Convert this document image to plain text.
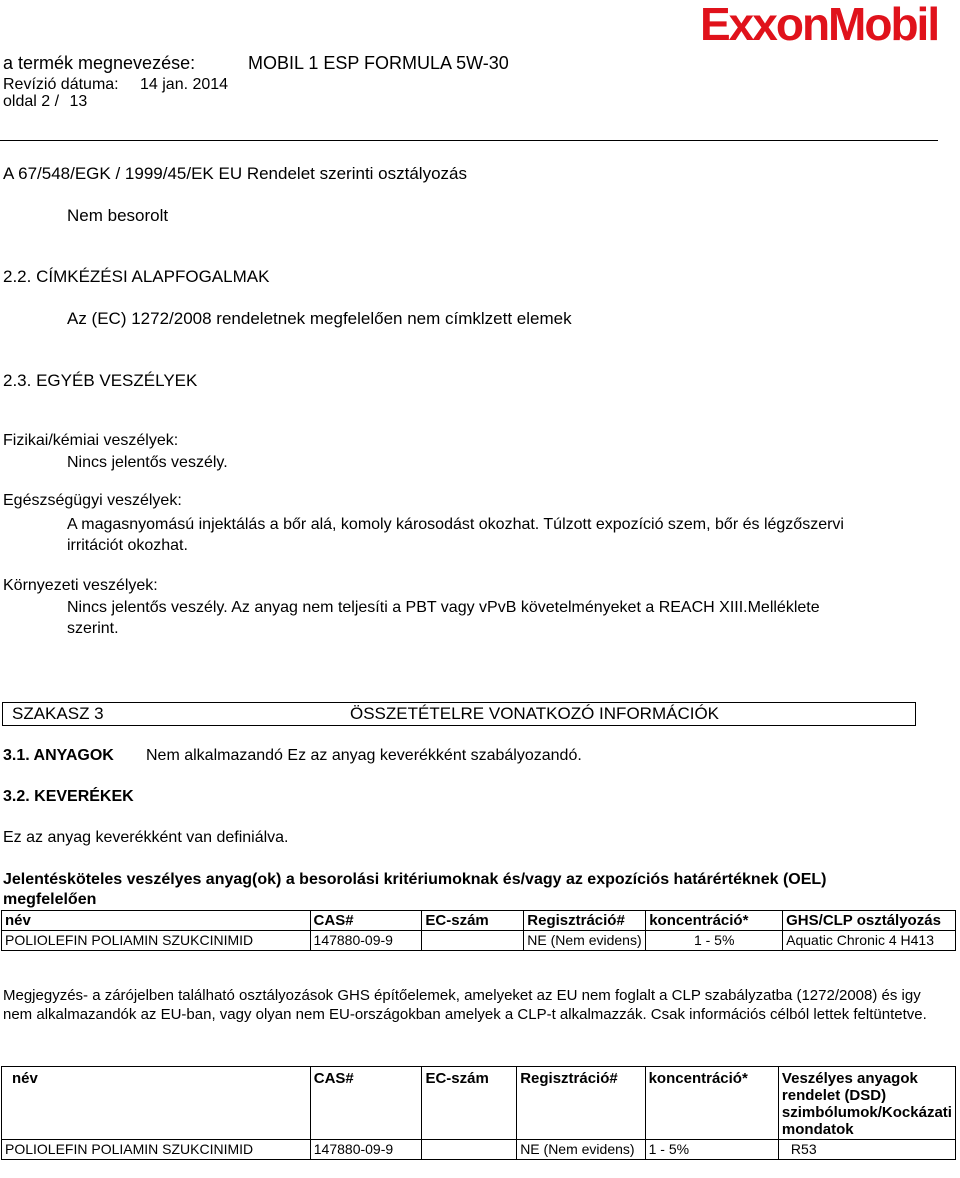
a termék megnevezése:	MOBIL 1 ESP FORMULA 5W-30
Revízió dátuma: 14 jan. 2014
oldal 2 / 13
ExxonMobil
A 67/548/EGK / 1999/45/EK EU Rendelet szerinti osztályozás
Nem besorolt
2.2. CÍMKÉZÉSI ALAPFOGALMAK
Az (EC) 1272/2008 rendeletnek megfelelően nem címklzett elemek
2.3. EGYÉB VESZÉLYEK
Fizikai/kémiai veszélyek:
Nincs jelentős veszély.
Egészségügyi veszélyek:
A magasnyomású injektálás a bőr alá, komoly károsodást okozhat. Túlzott expozíció szem, bőr és légzőszervi
irritációt okozhat.
Környezeti veszélyek:
Nincs jelentős veszély. Az anyag nem teljesíti a PBT vagy vPvB követelményeket a REACH XIII.Melléklete
szerint.
SZAKASZ 3	ÖSSZETÉTELRE VONATKOZÓ INFORMÁCIÓK
3.1. ANYAGOK Nem alkalmazandó Ez az anyag keverékként szabályozandó.
3.2. KEVERÉKEK
Ez az anyag keverékként van definiálva.
Jelentésköteles veszélyes anyag(ok) a besorolási kritériumoknak és/vagy az expozíciós határértéknek (OEL)
megfelelően
név	CAS#	EC-szám	Regisztráció#	koncentráció*	GHS/CLP osztályozás
POLIOLEFIN POLIAMIN SZUKCINIMID	147880-09-9		NE (Nem evidens)	1 - 5%	Aquatic Chronic 4 H413
Megjegyzés- a zárójelben található osztályozások GHS építőelemek, amelyeket az EU nem foglalt a CLP szabályzatba (1272/2008) és igy nem alkalmazandók az EU-ban, vagy olyan nem EU-országokban amelyek a CLP-t alkalmazzák. Csak információs célból lettek feltüntetve.
név	CAS#	EC-szám	Regisztráció#	koncentráció*	Veszélyes anyagok rendelet (DSD) szimbólumok/Kockázati mondatok
POLIOLEFIN POLIAMIN SZUKCINIMID	147880-09-9		NE (Nem evidens)	1 - 5%	R53
